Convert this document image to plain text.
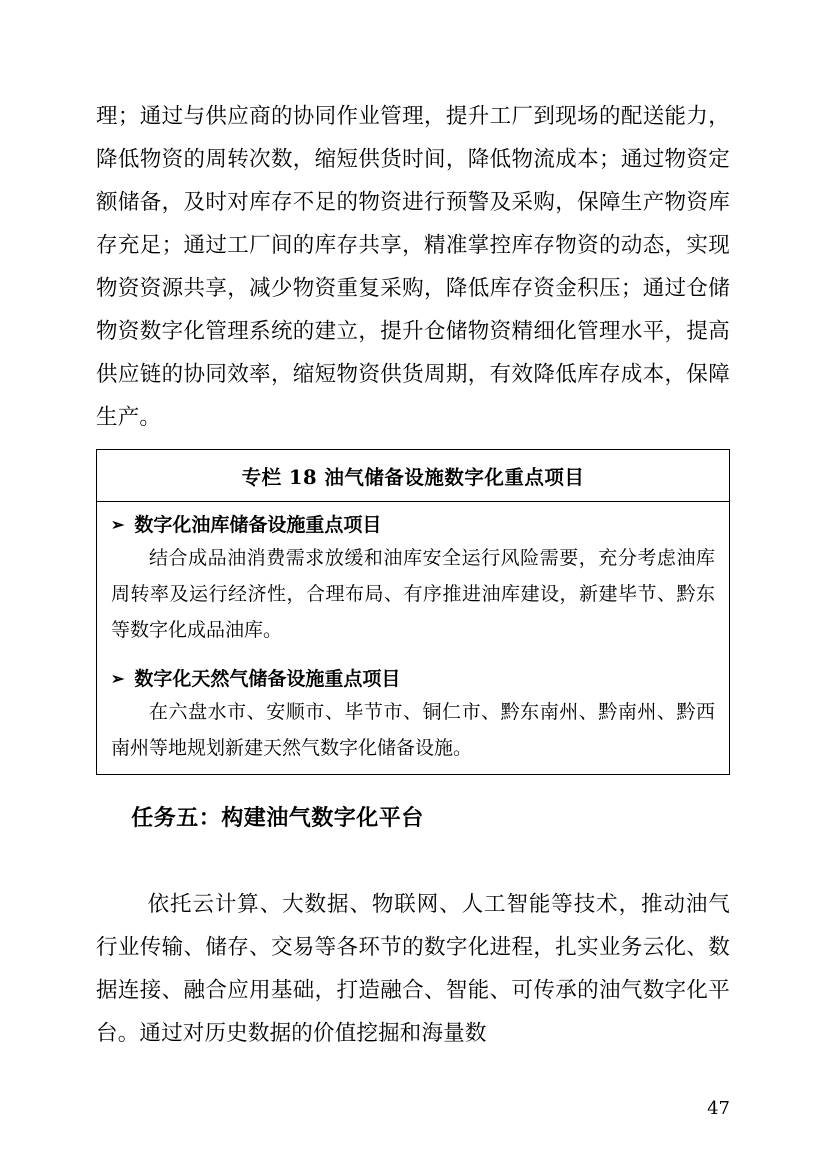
理；通过与供应商的协同作业管理，提升工厂到现场的配送能力，降低物资的周转次数，缩短供货时间，降低物流成本；通过物资定额储备，及时对库存不足的物资进行预警及采购，保障生产物资库存充足；通过工厂间的库存共享，精准掌控库存物资的动态，实现物资资源共享，减少物资重复采购，降低库存资金积压；通过仓储物资数字化管理系统的建立，提升仓储物资精细化管理水平，提高供应链的协同效率，缩短物资供货周期，有效降低库存成本，保障生产。
专栏 18 油气储备设施数字化重点项目
➢ 数字化油库储备设施重点项目
结合成品油消费需求放缓和油库安全运行风险需要，充分考虑油库周转率及运行经济性，合理布局、有序推进油库建设，新建毕节、黔东等数字化成品油库。
➢ 数字化天然气储备设施重点项目
在六盘水市、安顺市、毕节市、铜仁市、黔东南州、黔南州、黔西南州等地规划新建天然气数字化储备设施。
任务五：构建油气数字化平台
依托云计算、大数据、物联网、人工智能等技术，推动油气行业传输、储存、交易等各环节的数字化进程，扎实业务云化、数据连接、融合应用基础，打造融合、智能、可传承的油气数字化平台。通过对历史数据的价值挖掘和海量数
47
